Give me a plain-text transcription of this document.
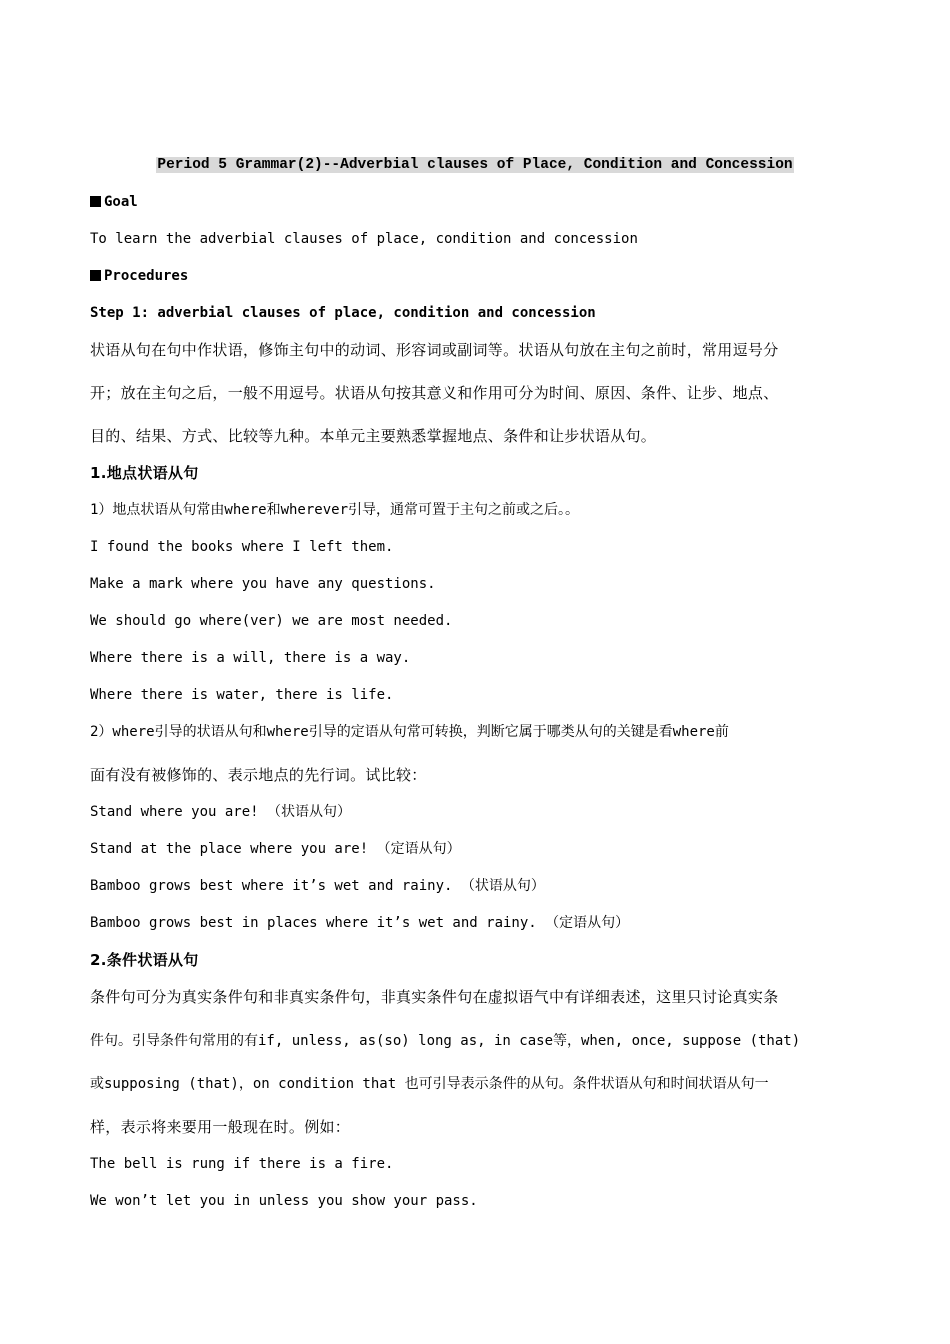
Period 5 Grammar(2)--Adverbial clauses of Place, Condition and Concession
Goal
To learn the adverbial clauses of place, condition and concession
Procedures
Step 1: adverbial clauses of place, condition and concession
状语从句在句中作状语，修饰主句中的动词、形容词或副词等。状语从句放在主句之前时，常用逗号分
开；放在主句之后，一般不用逗号。状语从句按其意义和作用可分为时间、原因、条件、让步、地点、
目的、结果、方式、比较等九种。本单元主要熟悉掌握地点、条件和让步状语从句。
1.地点状语从句
1）地点状语从句常由where和wherever引导，通常可置于主句之前或之后。。
I found the books where I left them.
Make a mark where you have any questions.
We should go where(ver) we are most needed.
Where there is a will, there is a way.
Where there is water, there is life.
2）where引导的状语从句和where引导的定语从句常可转换，判断它属于哪类从句的关键是看where前
面有没有被修饰的、表示地点的先行词。试比较：
Stand where you are! （状语从句）
Stand at the place where you are! （定语从句）
Bamboo grows best where it’s wet and rainy. （状语从句）
Bamboo grows best in places where it’s wet and rainy. （定语从句）
2.条件状语从句
条件句可分为真实条件句和非真实条件句，非真实条件句在虚拟语气中有详细表述，这里只讨论真实条
件句。引导条件句常用的有if, unless, as(so) long as, in case等，when, once, suppose (that)
或supposing (that)，on condition that 也可引导表示条件的从句。条件状语从句和时间状语从句一
样，表示将来要用一般现在时。例如：
The bell is rung if there is a fire.
We won’t let you in unless you show your pass.
